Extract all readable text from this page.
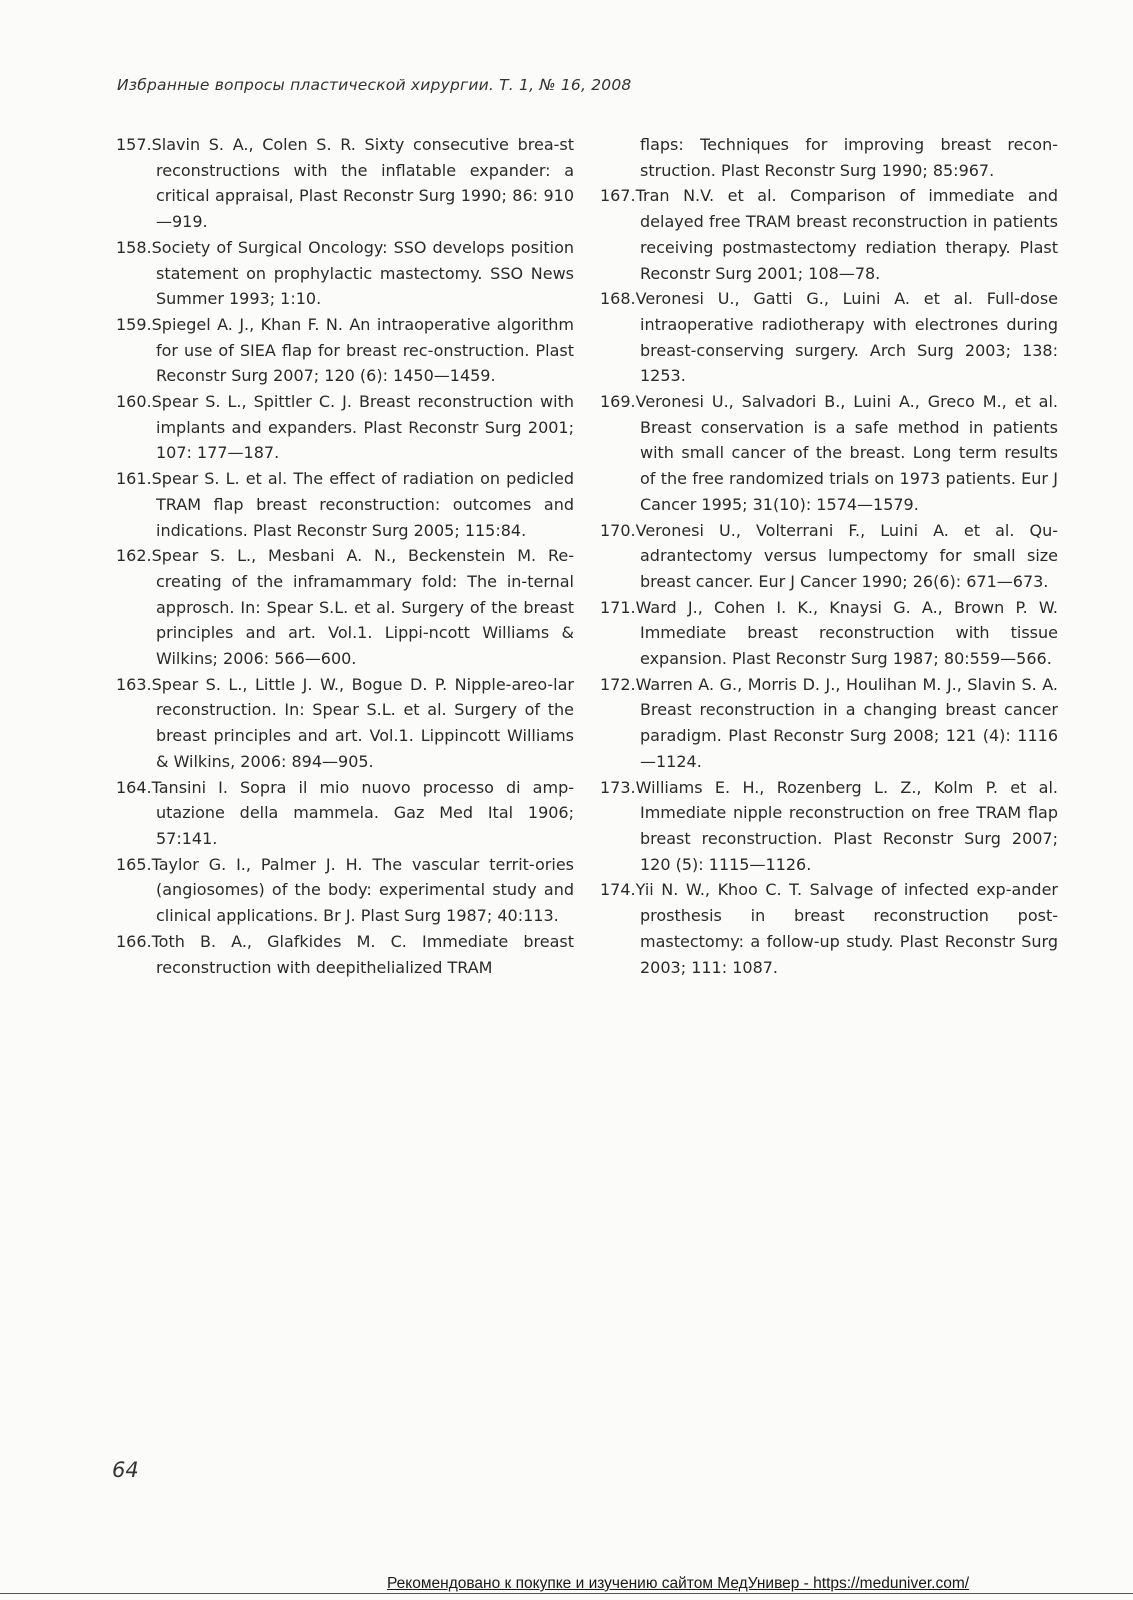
Избранные вопросы пластической хирургии. Т. 1, № 16, 2008

157.Slavin S. A., Colen S. R. Sixty consecutive brea-st reconstructions with the inflatable expander: a critical appraisal, Plast Reconstr Surg 1990; 86: 910—919.

158.Society of Surgical Oncology: SSO develops position statement on prophylactic mastectomy. SSO News Summer 1993; 1:10.

159.Spiegel A. J., Khan F. N. An intraoperative algorithm for use of SIEA flap for breast rec-onstruction. Plast Reconstr Surg 2007; 120 (6): 1450—1459.

160.Spear S. L., Spittler C. J. Breast reconstruction with implants and expanders. Plast Reconstr Surg 2001; 107: 177—187.

161.Spear S. L. et al. The effect of radiation on pedicled TRAM flap breast reconstruction: outcomes and indications. Plast Reconstr Surg 2005; 115:84.

162.Spear S. L., Mesbani A. N., Beckenstein M. Re-creating of the inframammary fold: The in-ternal approsch. In: Spear S.L. et al. Surgery of the breast principles and art. Vol.1. Lippi-ncott Williams & Wilkins; 2006: 566—600.

163.Spear S. L., Little J. W., Bogue D. P. Nipple-areo-lar reconstruction. In: Spear S.L. et al. Surgery of the breast principles and art. Vol.1. Lippincott Williams & Wilkins, 2006: 894—905.

164.Tansini I. Sopra il mio nuovo processo di amp-utazione della mammela. Gaz Med Ital 1906; 57:141.

165.Taylor G. I., Palmer J. H. The vascular territ-ories (angiosomes) of the body: experimental study and clinical applications. Br J. Plast Surg 1987; 40:113.

166.Toth B. A., Glafkides M. C. Immediate breast reconstruction with deepithelialized TRAM

flaps: Techniques for improving breast recon-struction. Plast Reconstr Surg 1990; 85:967.

167.Tran N.V. et al. Comparison of immediate and delayed free TRAM breast reconstruction in patients receiving postmastectomy rediation therapy. Plast Reconstr Surg 2001; 108—78.

168.Veronesi U., Gatti G., Luini A. et al. Full-dose intraoperative radiotherapy with electrones during breast-conserving surgery. Arch Surg 2003; 138: 1253.

169.Veronesi U., Salvadori B., Luini A., Greco M., et al. Breast conservation is a safe method in patients with small cancer of the breast. Long term results of the free randomized trials on 1973 patients. Eur J Cancer 1995; 31(10): 1574—1579.

170.Veronesi U., Volterrani F., Luini A. et al. Qu-adrantectomy versus lumpectomy for small size breast cancer. Eur J Cancer 1990; 26(6): 671—673.

171.Ward J., Cohen I. K., Knaysi G. A., Brown P. W. Immediate breast reconstruction with tissue expansion. Plast Reconstr Surg 1987; 80:559—566.

172.Warren A. G., Morris D. J., Houlihan M. J., Slavin S. A. Breast reconstruction in a changing breast cancer paradigm. Plast Reconstr Surg 2008; 121 (4): 1116—1124.

173.Williams E. H., Rozenberg L. Z., Kolm P. et al. Immediate nipple reconstruction on free TRAM flap breast reconstruction. Plast Reconstr Surg 2007; 120 (5): 1115—1126.

174.Yii N. W., Khoo C. T. Salvage of infected exp-ander prosthesis in breast reconstruction post-mastectomy: a follow-up study. Plast Reconstr Surg 2003; 111: 1087.

64
Рекомендовано к покупке и изучению сайтом МедУнивер - https://meduniver.com/
